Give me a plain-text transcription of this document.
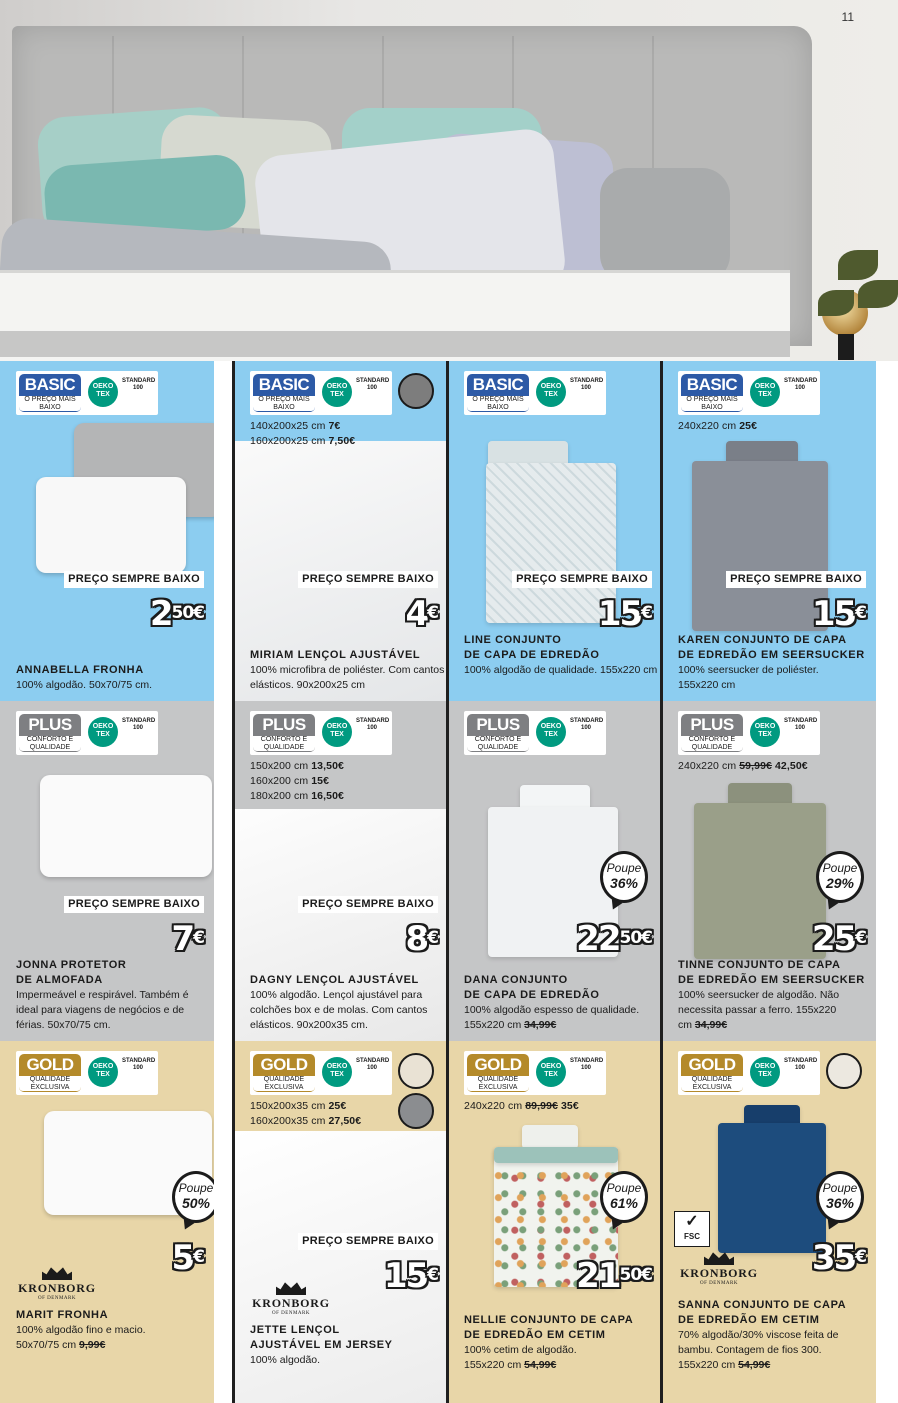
11
BASIC
O PREÇO MAIS BAIXO
OEKO TEX
STANDARD 100
PREÇO SEMPRE BAIXO
$2^{50€}$
ANNABELLA FRONHA
100% algodão. 50x70/75 cm.
BASIC
O PREÇO MAIS BAIXO
OEKO TEX
STANDARD 100
140x200x25 cm 7€
160x200x25 cm 7,50€
PREÇO SEMPRE BAIXO
4€
MIRIAM LENÇOL AJUSTÁVEL
100% microfibra de poliéster. Com cantos elásticos. 90x200x25 cm
BASIC
O PREÇO MAIS BAIXO
OEKO TEX
STANDARD 100
PREÇO SEMPRE BAIXO
15€
LINE CONJUNTO
DE CAPA DE EDREDÃO
100% algodão de qualidade. 155x220 cm
BASIC
O PREÇO MAIS BAIXO
OEKO TEX
STANDARD 100
240x220 cm 25€
PREÇO SEMPRE BAIXO
15€
KAREN CONJUNTO DE CAPA
DE EDREDÃO EM SEERSUCKER
100% seersucker de poliéster. 155x220 cm
PLUS
CONFORTO E QUALIDADE
OEKO TEX
STANDARD 100
PREÇO SEMPRE BAIXO
7€
JONNA PROTETOR
DE ALMOFADA
Impermeável e respirável. Também é ideal para viagens de negócios e de férias. 50x70/75 cm.
PLUS
CONFORTO E QUALIDADE
OEKO TEX
STANDARD 100
150x200 cm 13,50€
160x200 cm 15€
180x200 cm 16,50€
PREÇO SEMPRE BAIXO
8€
DAGNY LENÇOL AJUSTÁVEL
100% algodão. Lençol ajustável para colchões box e de molas. Com cantos elásticos. 90x200x35 cm.
PLUS
CONFORTO E QUALIDADE
OEKO TEX
STANDARD 100
Poupe
36%
$22^{50€}$
DANA CONJUNTO
DE CAPA DE EDREDÃO
100% algodão espesso de qualidade. 155x220 cm 34,99€
PLUS
CONFORTO E QUALIDADE
OEKO TEX
STANDARD 100
240x220 cm 59,99€ 42,50€
Poupe
29%
25€
TINNE CONJUNTO DE CAPA
DE EDREDÃO EM SEERSUCKER
100% seersucker de algodão. Não necessita passar a ferro. 155x220 cm 34,99€
GOLD
QUALIDADE EXCLUSIVA
OEKO TEX
STANDARD 100
Poupe
50%
5€
KRONBORG
OF DENMARK
MARIT FRONHA
100% algodão fino e macio. 50x70/75 cm 9,99€
GOLD
QUALIDADE EXCLUSIVA
OEKO TEX
STANDARD 100
150x200x35 cm 25€
160x200x35 cm 27,50€
PREÇO SEMPRE BAIXO
15€
KRONBORG
OF DENMARK
JETTE LENÇOL
AJUSTÁVEL EM JERSEY
100% algodão.
GOLD
QUALIDADE EXCLUSIVA
OEKO TEX
STANDARD 100
240x220 cm 89,99€ 35€
Poupe
61%
$21^{50€}$
NELLIE CONJUNTO DE CAPA
DE EDREDÃO EM CETIM
100% cetim de algodão. 155x220 cm 54,99€
GOLD
QUALIDADE EXCLUSIVA
OEKO TEX
STANDARD 100
✓
FSC
Poupe
36%
35€
KRONBORG
OF DENMARK
SANNA CONJUNTO DE CAPA
DE EDREDÃO EM CETIM
70% algodão/30% viscose feita de bambu. Contagem de fios 300. 155x220 cm 54,99€
